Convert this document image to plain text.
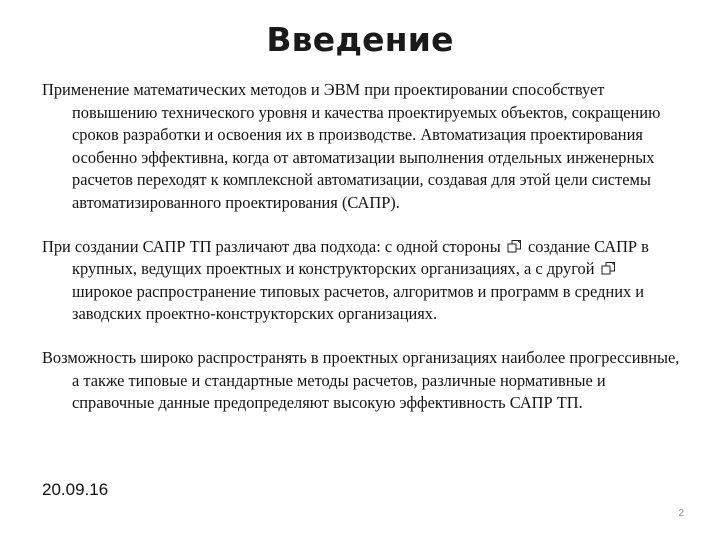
Введение

Применение математических методов и ЭВМ при проектировании способствует повышению технического уровня и качества проектируемых объектов, сокращению сроков разработки и освоения их в производстве. Автоматизация проектирования особенно эффективна, когда от автоматизации выполнения отдельных инженерных расчетов переходят к комплексной автоматизации, создавая для этой цели системы автоматизированного проектирования (САПР).

При создании САПР ТП различают два подхода: с одной стороны создание САПР в крупных, ведущих проектных и конструкторских организациях, а с другой  широкое распространение типовых расчетов, алгоритмов и программ в средних и заводских проектно-конструкторских организациях.

Возможность широко распространять в проектных организациях наиболее прогрессивные, а также типовые и стандартные методы расчетов, различные нормативные и справочные данные предопределяют высокую эффективность САПР ТП.

20.09.16
2
